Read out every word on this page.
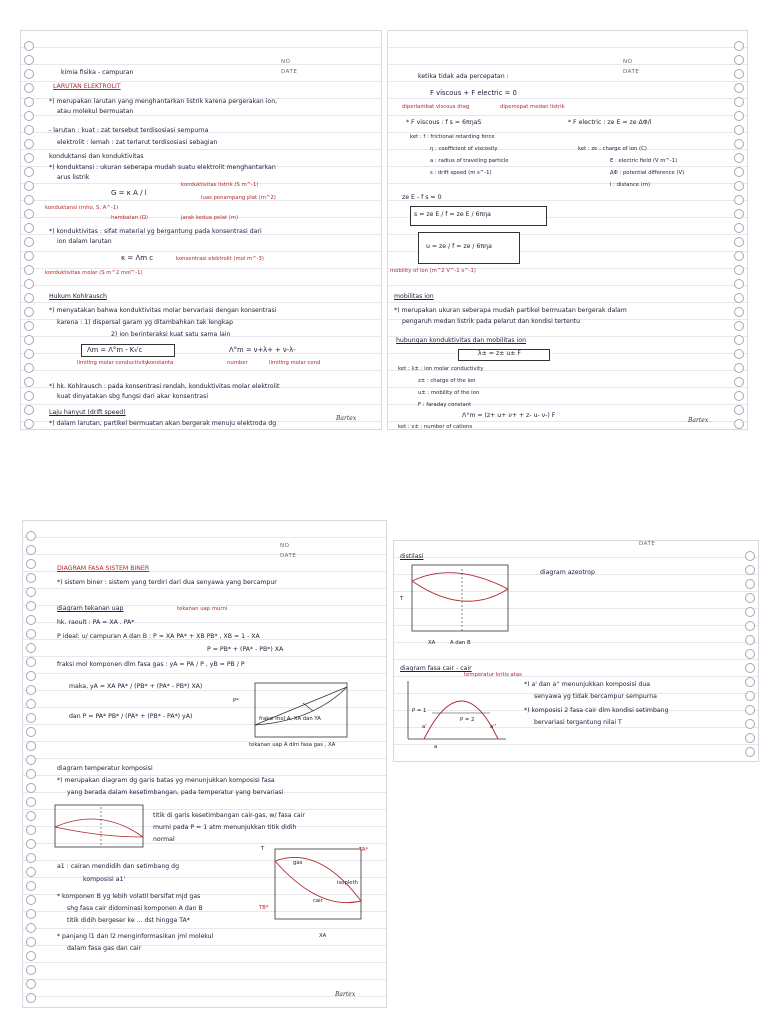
NO
DATE
kimia fisika - campuran
LARUTAN ELEKTROLIT
*) merupakan larutan yang menghantarkan listrik karena pergerakan ion,
atau molekul bermuatan
- larutan : kuat : zat tersebut terdisosiasi sempurna
elektrolit : lemah : zat terlarut terdisosiasi sebagian
konduktansi dan konduktivitas
*) konduktansi : ukuran seberapa mudah suatu elektrolit menghantarkan
arus listrik
konduktivitas listrik (S m^-1)
G = κ A / l
luas penampang plat (m^2)
konduktansi (mho, S, A^-1)
hambatan (Ω)	jarak kedua pelat (m)
*) konduktivitas : sifat material yg bergantung pada konsentrasi dari
ion dalam larutan
κ = Λm c	konsentrasi elektrolit (mol m^-3)
konduktivitas molar (S m^2 mol^-1)
Hukum Kohlrausch
*) menyatakan bahwa konduktivitas molar bervariasi dengan konsentrasi
karena : 1) dispersal garam yg ditambahkan tak lengkap
2) ion berinteraksi kuat satu sama lain
Λm = Λ°m - K√c	Λ°m = ν+λ+ + ν-λ-
limiting molar conductivity
konstanta	number	limiting molar cond
*) hk. Kohlrausch : pada konsentrasi rendah, konduktivitas molar elektrolit
kuat dinyatakan sbg fungsi dari akar konsentrasi
Laju hanyut (drift speed)
*) dalam larutan, partikel bermuatan akan bergerak menuju elektroda dg
Bartex
NO
DATE
ketika tidak ada percepatan :
F viscous + F electric = 0
diperlambat viscous drag	dipercepat medan listrik
* F viscous : f s = 6πηaS	* F electric : ze E = ze ΔΦ/l
ket : f : frictional retarding force
η : coefficient of viscosity
a : radius of traveling particle
s : drift speed (m s^-1)
ket : ze : charge of ion (C)
E : electric field (V m^-1)
ΔΦ : potential difference (V)
l : distance (m)
ze E - f s = 0
s = ze E / f = ze E / 6πηa
u = ze / f = ze / 6πηa
mobility of ion (m^2 V^-1 s^-1)
mobilitas ion
*) merupakan ukuran seberapa mudah partikel bermuatan bergerak dalam
pengaruh medan listrik pada pelarut dan kondisi tertentu
hubungan konduktivitas dan mobilitas ion
λ± = z± u± F
ket : λ± : ion molar conductivity
z± : charge of the ion
u± : mobility of the ion
F : faraday constant
Λ°m = (z+ u+ ν+ + z- u- ν-) F
ket : ν± : number of cations
Bartex
NO
DATE
DIAGRAM FASA SISTEM BINER
*) sistem biner : sistem yang terdiri dari dua senyawa yang bercampur
diagram tekanan uap	tekanan uap murni
hk. raoult : PA = XA . PA*
P ideal: u/ campuran A dan B : P = XA PA* + XB PB* , XB = 1 - XA
P = PB* + (PA* - PB*) XA
fraksi mol komponen dlm fasa gas : yA = PA / P , yB = PB / P
maka, yA = XA PA* / (PB* + (PA* - PB*) XA)
dan P = PA* PB* / (PA* + (PB* - PA*) yA)
P*
fraksi mol A, XA dan YA
tekanan uap A dlm fasa gas , XA
diagram temperatur komposisi
*) merupakan diagram dg garis batas yg menunjukkan komposisi fasa
yang berada dalam kesetimbangan, pada temperatur yang bervariasi
titik di garis kesetimbangan cair-gas, w/ fasa cair
murni pada P = 1 atm menunjukkan titik didih
normal
a1 : cairan mendidih dan setimbang dg
komposisi a1'
* komponen B yg lebih volatil bersifat mjd gas
shg fasa cair didominasi komponen A dan B
titik didih bergeser ke ... dst hingga TA*
* panjang l1 dan l2 menginformasikan jml molekul
dalam fasa gas dan cair
T	TA*
TB*
gas
cair
isopleth
XA
Bartex
DATE
distilasi
T
XA	A dan B
diagram azeotrop
diagram fasa cair - cair
temperatur kritis atas
P = 1
P = 2
a'	a''
a
*) a' dan a'' menunjukkan komposisi dua
senyawa yg tidak bercampur sempurna
*) komposisi 2 fasa cair dlm kondisi setimbang
bervariasi tergantung nilai T
